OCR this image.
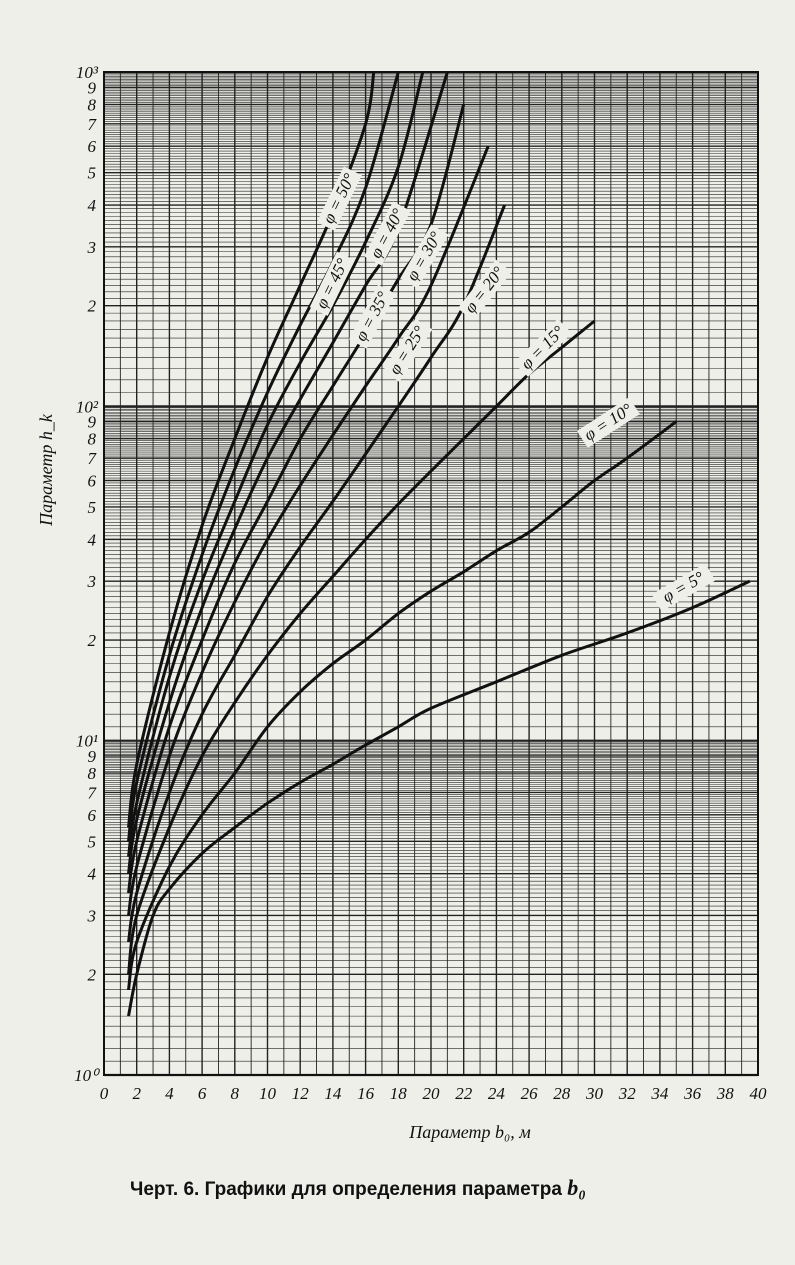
φ = 5°
φ = 10°
φ = 15°
φ = 20°
φ = 25°
φ = 30°
φ = 35°
φ = 40°
φ = 45°
φ = 50°
0 2 4 6 8 10 12 14 16 18 20 22 24 26 28 30 32 34 36 38 40
10⁰
10¹
10²
10³
2
3
4
5
6
7
8
9
2
3
4
5
6
7
8
9
2
3
4
5
6
7
8
9
Параметр b₀, м
Параметр h_k
Черт. 6. Графики для определения параметра b₀
